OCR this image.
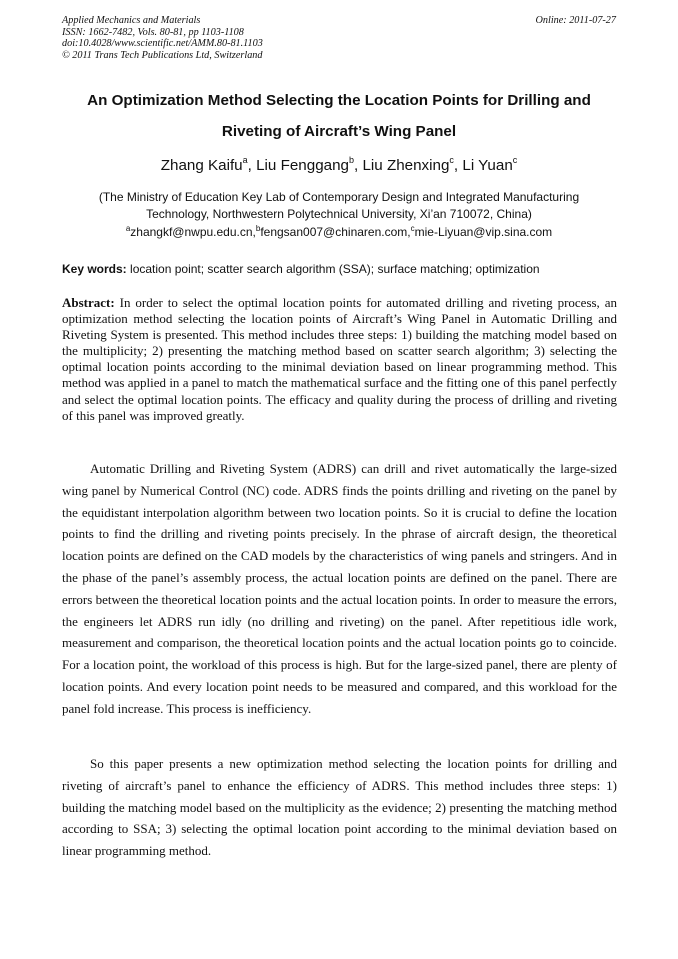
Applied Mechanics and Materials
ISSN: 1662-7482, Vols. 80-81, pp 1103-1108
doi:10.4028/www.scientific.net/AMM.80-81.1103
© 2011 Trans Tech Publications Ltd, Switzerland
Online: 2011-07-27
An Optimization Method Selecting the Location Points for Drilling and
Riveting of Aircraft’s Wing Panel
Zhang Kaifu$^a$, Liu Fenggang$^b$, Liu Zhenxing$^c$, Li Yuan$^c$
(The Ministry of Education Key Lab of Contemporary Design and Integrated Manufacturing
Technology, Northwestern Polytechnical University, Xi’an 710072, China)
$^a$zhangkf@nwpu.edu.cn,$^b$fengsan007@chinaren.com,$^c$mie-Liyuan@vip.sina.com
Key words: location point; scatter search algorithm (SSA); surface matching; optimization
Abstract: In order to select the optimal location points for automated drilling and riveting process, an optimization method selecting the location points of Aircraft’s Wing Panel in Automatic Drilling and Riveting System is presented. This method includes three steps: 1) building the matching model based on the multiplicity; 2) presenting the matching method based on scatter search algorithm; 3) selecting the optimal location points according to the minimal deviation based on linear programming method. This method was applied in a panel to match the mathematical surface and the fitting one of this panel perfectly and select the optimal location points. The efficacy and quality during the process of drilling and riveting of this panel was improved greatly.
Automatic Drilling and Riveting System (ADRS) can drill and rivet automatically the large-sized wing panel by Numerical Control (NC) code. ADRS finds the points drilling and riveting on the panel by the equidistant interpolation algorithm between two location points. So it is crucial to define the location points to find the drilling and riveting points precisely. In the phrase of aircraft design, the theoretical location points are defined on the CAD models by the characteristics of wing panels and stringers. And in the phase of the panel’s assembly process, the actual location points are defined on the panel. There are errors between the theoretical location points and the actual location points. In order to measure the errors, the engineers let ADRS run idly (no drilling and riveting) on the panel. After repetitious idle work, measurement and comparison, the theoretical location points and the actual location points go to coincide. For a location point, the workload of this process is high. But for the large-sized panel, there are plenty of location points. And every location point needs to be measured and compared, and this workload for the panel fold increase. This process is inefficiency.
So this paper presents a new optimization method selecting the location points for drilling and riveting of aircraft’s panel to enhance the efficiency of ADRS. This method includes three steps: 1) building the matching model based on the multiplicity as the evidence; 2) presenting the matching method according to SSA; 3) selecting the optimal location point according to the minimal deviation based on linear programming method.
